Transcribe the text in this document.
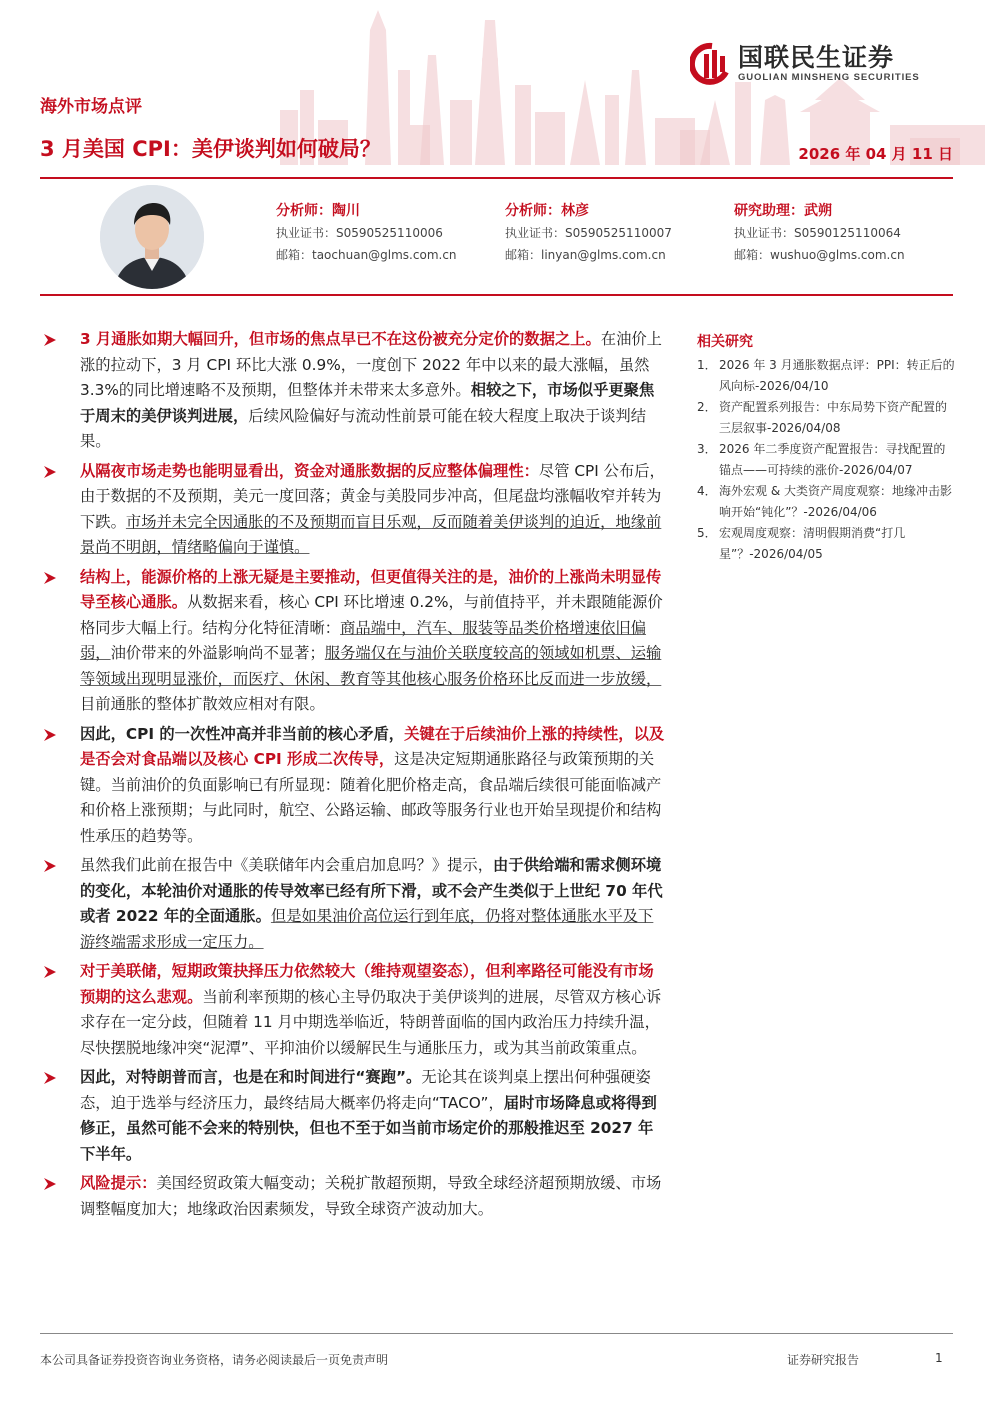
国联民生证券
GUOLIAN MINSHENG SECURITIES
海外市场点评
3 月美国 CPI：美伊谈判如何破局？	2026 年 04 月 11 日
分析师：陶川
执业证书：S0590525110006
邮箱：taochuan@glms.com.cn
分析师：林彦
执业证书：S0590525110007
邮箱：linyan@glms.com.cn
研究助理：武朔
执业证书：S0590125110064
邮箱：wushuo@glms.com.cn
相关研究
1． 2026 年 3 月通胀数据点评：PPI：转正后的风向标-2026/04/10
2． 资产配置系列报告：中东局势下资产配置的三层叙事-2026/04/08
3． 2026 年二季度资产配置报告：寻找配置的锚点——可持续的涨价-2026/04/07
4． 海外宏观 & 大类资产周度观察：地缘冲击影响开始“钝化”？-2026/04/06
5． 宏观周度观察：清明假期消费“打几星”？-2026/04/05
3 月通胀如期大幅回升，但市场的焦点早已不在这份被充分定价的数据之上。在油价上涨的拉动下，3 月 CPI 环比大涨 0.9%，一度创下 2022 年中以来的最大涨幅，虽然 3.3%的同比增速略不及预期，但整体并未带来太多意外。相较之下，市场似乎更聚焦于周末的美伊谈判进展，后续风险偏好与流动性前景可能在较大程度上取决于谈判结果。
从隔夜市场走势也能明显看出，资金对通胀数据的反应整体偏理性：尽管 CPI 公布后，由于数据的不及预期，美元一度回落；黄金与美股同步冲高，但尾盘均涨幅收窄并转为下跌。市场并未完全因通胀的不及预期而盲目乐观，反而随着美伊谈判的迫近，地缘前景尚不明朗，情绪略偏向于谨慎。
结构上，能源价格的上涨无疑是主要推动，但更值得关注的是，油价的上涨尚未明显传导至核心通胀。从数据来看，核心 CPI 环比增速 0.2%，与前值持平，并未跟随能源价格同步大幅上行。结构分化特征清晰：商品端中，汽车、服装等品类价格增速依旧偏弱，油价带来的外溢影响尚不显著；服务端仅在与油价关联度较高的领域如机票、运输等领域出现明显涨价，而医疗、休闲、教育等其他核心服务价格环比反而进一步放缓，目前通胀的整体扩散效应相对有限。
因此，CPI 的一次性冲高并非当前的核心矛盾，关键在于后续油价上涨的持续性，以及是否会对食品端以及核心 CPI 形成二次传导，这是决定短期通胀路径与政策预期的关键。当前油价的负面影响已有所显现：随着化肥价格走高，食品端后续很可能面临减产和价格上涨预期；与此同时，航空、公路运输、邮政等服务行业也开始呈现提价和结构性承压的趋势等。
虽然我们此前在报告中《美联储年内会重启加息吗？》提示，由于供给端和需求侧环境的变化，本轮油价对通胀的传导效率已经有所下滑，或不会产生类似于上世纪 70 年代或者 2022 年的全面通胀。但是如果油价高位运行到年底，仍将对整体通胀水平及下游终端需求形成一定压力。
对于美联储，短期政策抉择压力依然较大（维持观望姿态），但利率路径可能没有市场预期的这么悲观。当前利率预期的核心主导仍取决于美伊谈判的进展，尽管双方核心诉求存在一定分歧，但随着 11 月中期选举临近，特朗普面临的国内政治压力持续升温，尽快摆脱地缘冲突“泥潭”、平抑油价以缓解民生与通胀压力，或为其当前政策重点。
因此，对特朗普而言，也是在和时间进行“赛跑”。无论其在谈判桌上摆出何种强硬姿态，迫于选举与经济压力，最终结局大概率仍将走向“TACO”，届时市场降息或将得到修正，虽然可能不会来的特别快，但也不至于如当前市场定价的那般推迟至 2027 年下半年。
风险提示：美国经贸政策大幅变动；关税扩散超预期，导致全球经济超预期放缓、市场调整幅度加大；地缘政治因素频发，导致全球资产波动加大。
本公司具备证券投资咨询业务资格，请务必阅读最后一页免责声明	证券研究报告	1
